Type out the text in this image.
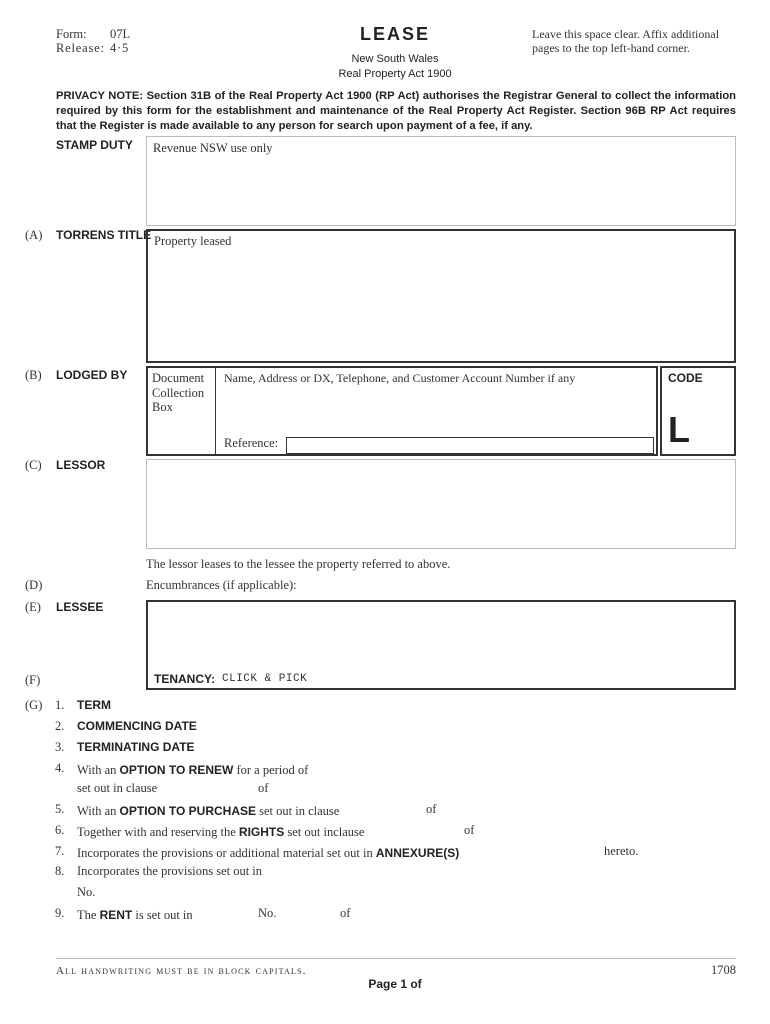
Form: 07L
Release: 4·5
LEASE
New South Wales
Real Property Act 1900
Leave this space clear. Affix additional pages to the top left-hand corner.
PRIVACY NOTE: Section 31B of the Real Property Act 1900 (RP Act) authorises the Registrar General to collect the information required by this form for the establishment and maintenance of the Real Property Act Register. Section 96B RP Act requires that the Register is made available to any person for search upon payment of a fee, if any.
STAMP DUTY Revenue NSW use only
(A) TORRENS TITLE Property leased
(B) LODGED BY Document Collection Box
Name, Address or DX, Telephone, and Customer Account Number if any
Reference:
CODE
L
(C) LESSOR
The lessor leases to the lessee the property referred to above.
(D)	Encumbrances (if applicable):
(E) LESSEE
TENANCY: CLICK & PICK
(F)
(G) 1. TERM
2. COMMENCING DATE
3. TERMINATING DATE
4. With an OPTION TO RENEW for a period of
set out in clause	of
5. With an OPTION TO PURCHASE set out in clause	of
6. Together with and reserving the RIGHTS set out inclause	of
7. Incorporates the provisions or additional material set out in ANNEXURE(S)	hereto.
8. Incorporates the provisions set out in
No.
9. The RENT is set out in	No.	of
All handwriting must be in block capitals.	1708
Page 1 of
